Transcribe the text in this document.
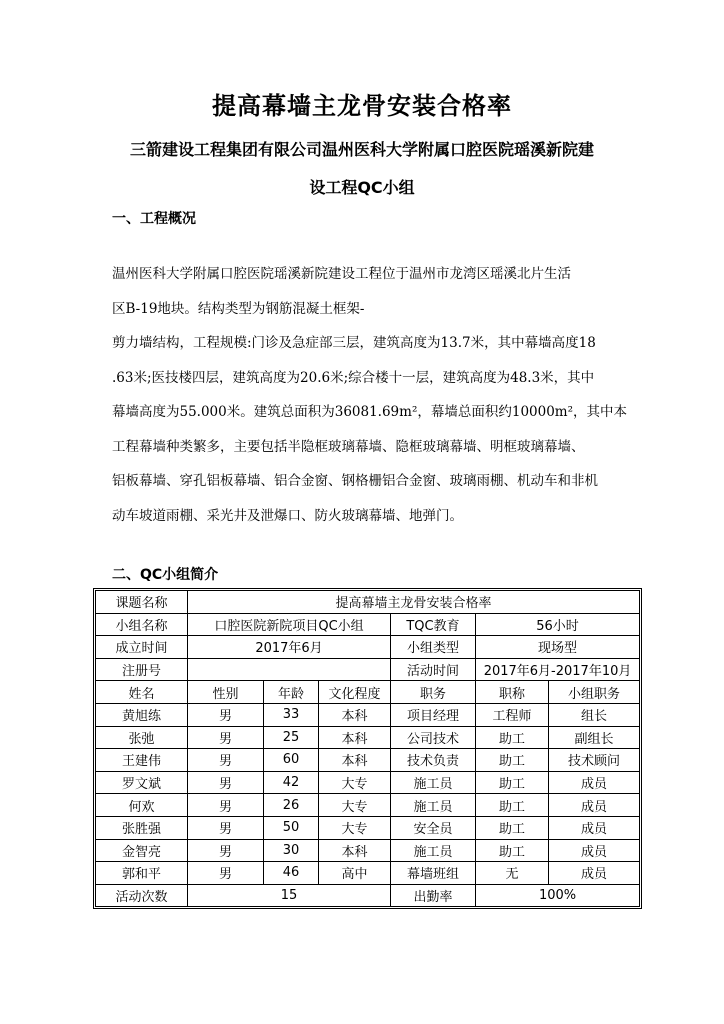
提高幕墙主龙骨安装合格率
三箭建设工程集团有限公司温州医科大学附属口腔医院瑶溪新院建
设工程QC小组
一、工程概况
温州医科大学附属口腔医院瑶溪新院建设工程位于温州市龙湾区瑶溪北片生活
区B-19地块。结构类型为钢筋混凝土框架-
剪力墙结构，工程规模:门诊及急症部三层，建筑高度为13.7米，其中幕墙高度18
.63米;医技楼四层，建筑高度为20.6米;综合楼十一层，建筑高度为48.3米，其中
幕墙高度为55.000米。建筑总面积为36081.69m²，幕墙总面积约10000m²，其中本
工程幕墙种类繁多，主要包括半隐框玻璃幕墙、隐框玻璃幕墙、明框玻璃幕墙、
铝板幕墙、穿孔铝板幕墙、铝合金窗、钢格栅铝合金窗、玻璃雨棚、机动车和非机
动车坡道雨棚、采光井及泄爆口、防火玻璃幕墙、地弹门。
二、QC小组简介
课题名称	提高幕墙主龙骨安装合格率					
小组名称	口腔医院新院项目QC小组			TQC教育	56小时	
成立时间	2017年6月			小组类型	现场型	
注册号				活动时间	2017年6月-2017年10月	
姓名	性别	年龄	文化程度	职务	职称	小组职务
黄旭练	男	33	本科	项目经理	工程师	组长
张弛	男	25	本科	公司技术	助工	副组长
王建伟	男	60	本科	技术负责	助工	技术顾问
罗文斌	男	42	大专	施工员	助工	成员
何欢	男	26	大专	施工员	助工	成员
张胜强	男	50	大专	安全员	助工	成员
金智亮	男	30	本科	施工员	助工	成员
郭和平	男	46	高中	幕墙班组	无	成员
活动次数	15			出勤率	100%	
